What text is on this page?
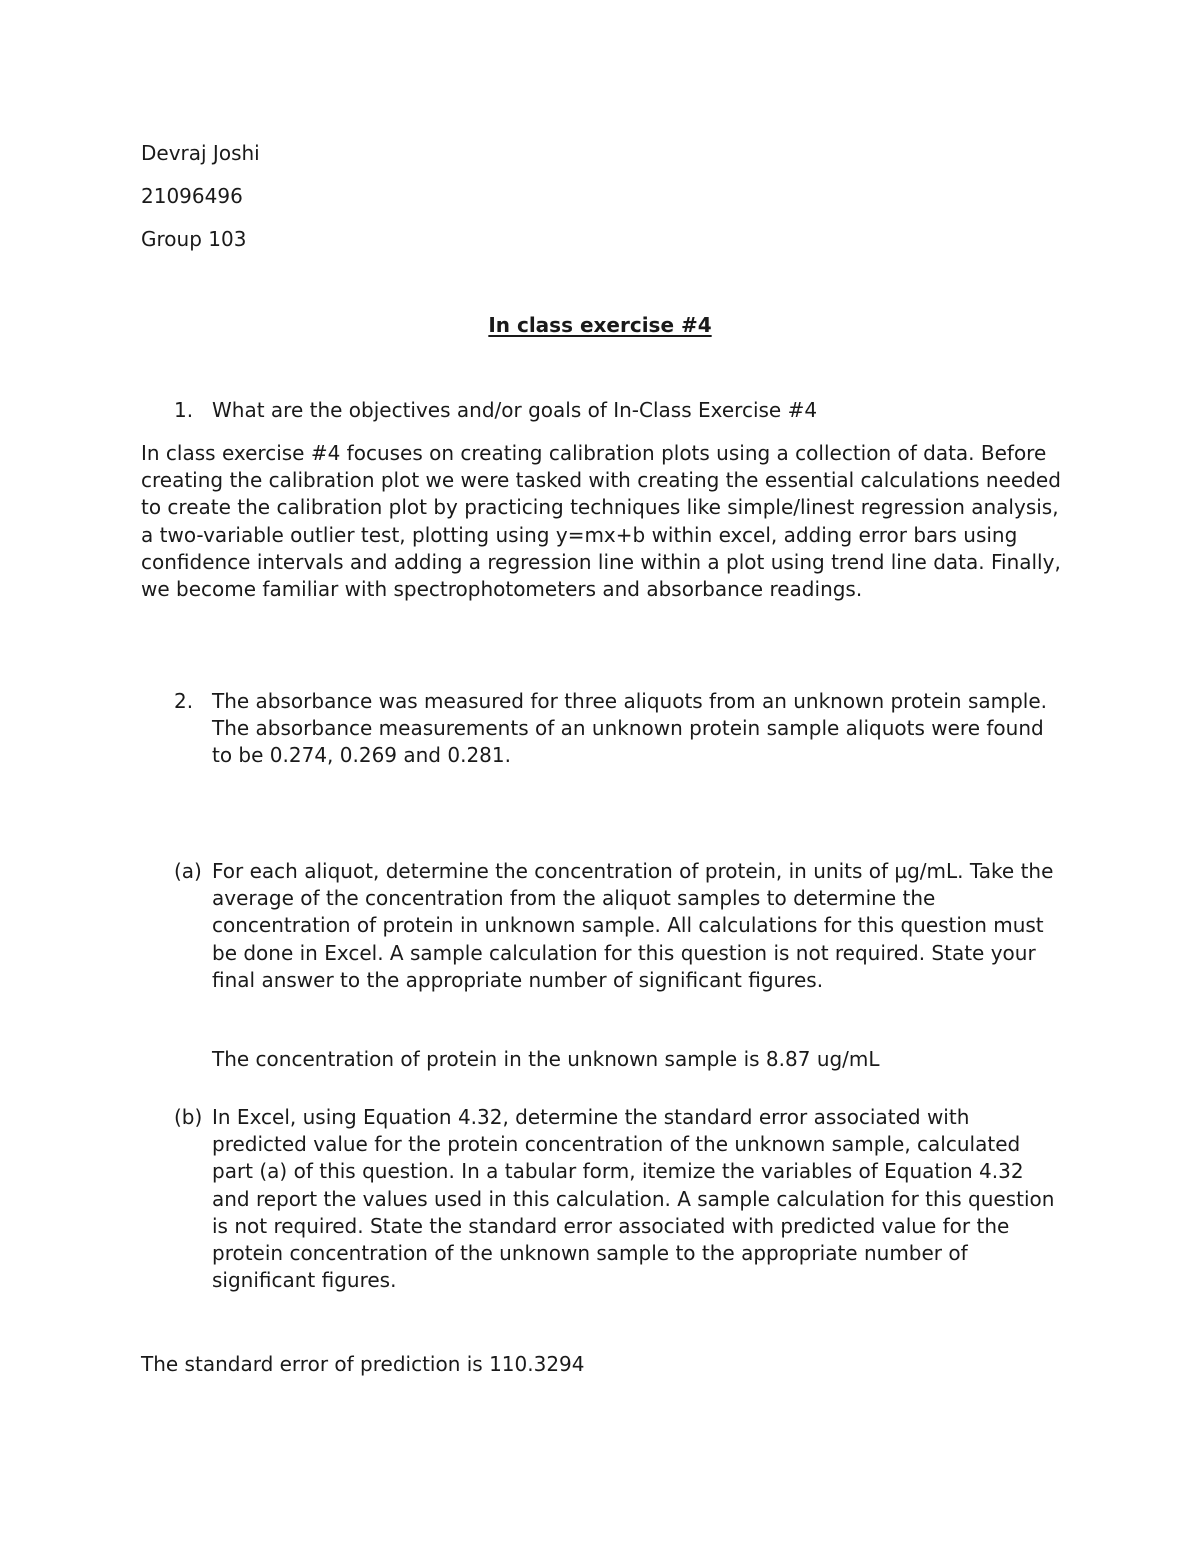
Devraj Joshi
21096496
Group 103
In class exercise #4
1. What are the objectives and/or goals of In-Class Exercise #4

In class exercise #4 focuses on creating calibration plots using a collection of data. Before creating the calibration plot we were tasked with creating the essential calculations needed to create the calibration plot by practicing techniques like simple/linest regression analysis, a two-variable outlier test, plotting using y=mx+b within excel, adding error bars using confidence intervals and adding a regression line within a plot using trend line data. Finally, we become familiar with spectrophotometers and absorbance readings.

2. The absorbance was measured for three aliquots from an unknown protein sample. The absorbance measurements of an unknown protein sample aliquots were found to be 0.274, 0.269 and 0.281.

(a) For each aliquot, determine the concentration of protein, in units of µg/mL. Take the average of the concentration from the aliquot samples to determine the concentration of protein in unknown sample. All calculations for this question must be done in Excel. A sample calculation for this question is not required. State your final answer to the appropriate number of significant figures.

The concentration of protein in the unknown sample is 8.87 ug/mL

(b) In Excel, using Equation 4.32, determine the standard error associated with predicted value for the protein concentration of the unknown sample, calculated part (a) of this question. In a tabular form, itemize the variables of Equation 4.32 and report the values used in this calculation. A sample calculation for this question is not required. State the standard error associated with predicted value for the protein concentration of the unknown sample to the appropriate number of significant figures.

The standard error of prediction is 110.3294
